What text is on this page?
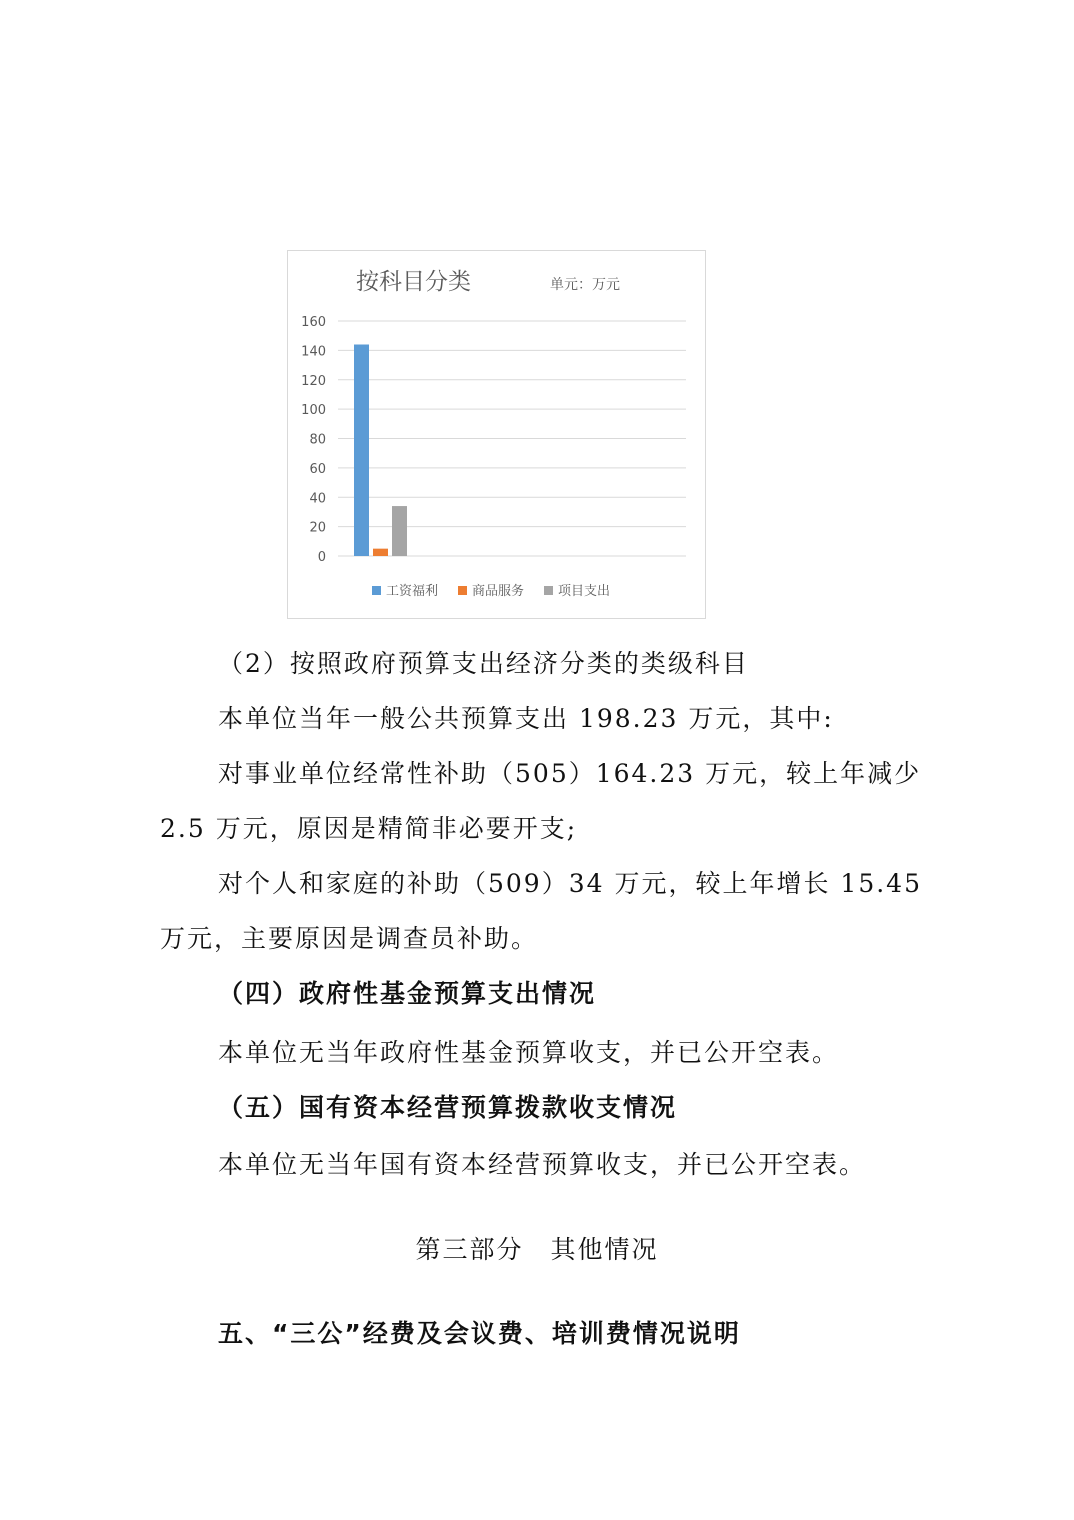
按科目分类	单元：万元
0
20
40
60
80
100
120
140
160
工资福利	商品服务	项目支出
（2）按照政府预算支出经济分类的类级科目
本单位当年一般公共预算支出 198.23 万元，其中:
对事业单位经常性补助（505）164.23 万元，较上年减少
2.5 万元，原因是精简非必要开支;
对个人和家庭的补助（509）34 万元，较上年增长 15.45
万元，主要原因是调查员补助。
（四）政府性基金预算支出情况
本单位无当年政府性基金预算收支，并已公开空表。
（五）国有资本经营预算拨款收支情况
本单位无当年国有资本经营预算收支，并已公开空表。
第三部分　其他情况
五、“三公”经费及会议费、培训费情况说明
